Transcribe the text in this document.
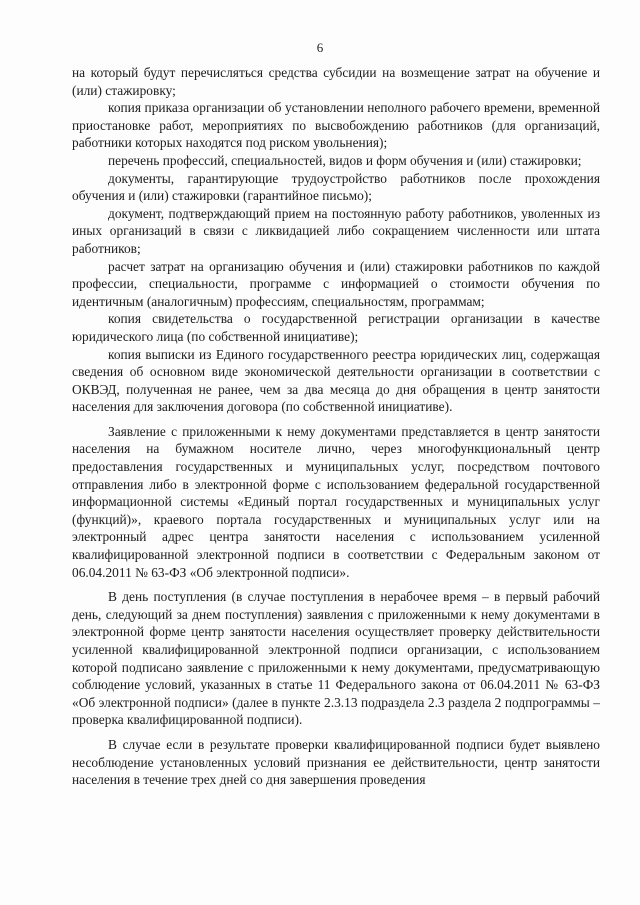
6

на который будут перечисляться средства субсидии на возмещение затрат на обучение и (или) стажировку;

копия приказа организации об установлении неполного рабочего времени, временной приостановке работ, мероприятиях по высвобождению работников (для организаций, работники которых находятся под риском увольнения);

перечень профессий, специальностей, видов и форм обучения и (или) стажировки;

документы, гарантирующие трудоустройство работников после прохождения обучения и (или) стажировки (гарантийное письмо);

документ, подтверждающий прием на постоянную работу работников, уволенных из иных организаций в связи с ликвидацией либо сокращением численности или штата работников;

расчет затрат на организацию обучения и (или) стажировки работников по каждой профессии, специальности, программе с информацией о стоимости обучения по идентичным (аналогичным) профессиям, специальностям, программам;

копия свидетельства о государственной регистрации организации в качестве юридического лица (по собственной инициативе);

копия выписки из Единого государственного реестра юридических лиц, содержащая сведения об основном виде экономической деятельности организации в соответствии с ОКВЭД, полученная не ранее, чем за два месяца до дня обращения в центр занятости населения для заключения договора (по собственной инициативе).

Заявление с приложенными к нему документами представляется в центр занятости населения на бумажном носителе лично, через многофункциональный центр предоставления государственных и муниципальных услуг, посредством почтового отправления либо в электронной форме с использованием федеральной государственной информационной системы «Единый портал государственных и муниципальных услуг (функций)», краевого портала государственных и муниципальных услуг или на электронный адрес центра занятости населения с использованием усиленной квалифицированной электронной подписи в соответствии с Федеральным законом от 06.04.2011 № 63-ФЗ «Об электронной подписи».

В день поступления (в случае поступления в нерабочее время – в первый рабочий день, следующий за днем поступления) заявления с приложенными к нему документами в электронной форме центр занятости населения осуществляет проверку действительности усиленной квалифицированной электронной подписи организации, с использованием которой подписано заявление с приложенными к нему документами, предусматривающую соблюдение условий, указанных в статье 11 Федерального закона от 06.04.2011 № 63-ФЗ «Об электронной подписи» (далее в пункте 2.3.13 подраздела 2.3 раздела 2 подпрограммы – проверка квалифицированной подписи).

В случае если в результате проверки квалифицированной подписи будет выявлено несоблюдение установленных условий признания ее действительности, центр занятости населения в течение трех дней со дня завершения проведения
